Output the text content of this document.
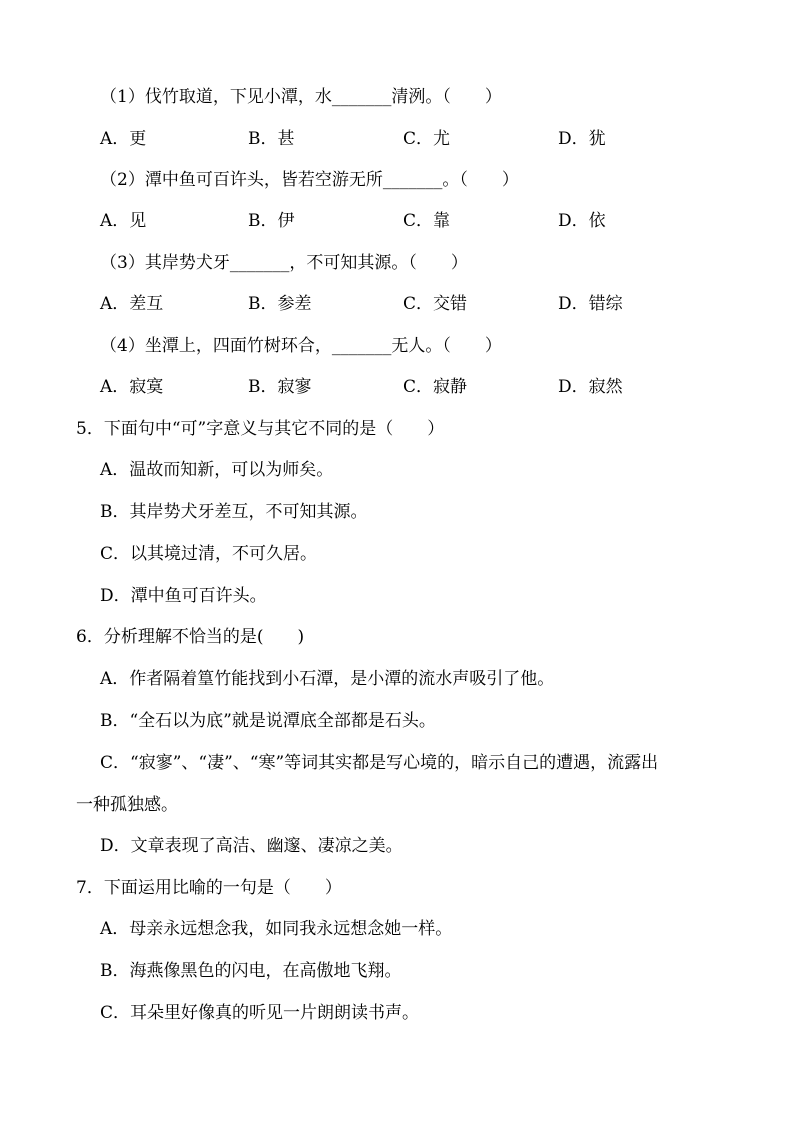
（1）伐竹取道，下见小潭，水_______清洌。（　　）
A．更	B．甚	C．尤	D．犹
（2）潭中鱼可百许头，皆若空游无所_______。（　　）
A．见	B．伊	C．靠	D．依
（3）其岸势犬牙_______，不可知其源。（　　）
A．差互	B．参差	C．交错	D．错综
（4）坐潭上，四面竹树环合，_______无人。（　　）
A．寂寞	B．寂寥	C．寂静	D．寂然
5．下面句中“可”字意义与其它不同的是（　　）
A．温故而知新，可以为师矣。
B．其岸势犬牙差互，不可知其源。
C．以其境过清，不可久居。
D．潭中鱼可百许头。
6．分析理解不恰当的是(　　)
A．作者隔着篁竹能找到小石潭，是小潭的流水声吸引了他。
B．“全石以为底”就是说潭底全部都是石头。
C．“寂寥”、“凄”、“寒”等词其实都是写心境的，暗示自己的遭遇，流露出
一种孤独感。
D．文章表现了高洁、幽邃、凄凉之美。
7．下面运用比喻的一句是（　　）
A．母亲永远想念我，如同我永远想念她一样。
B．海燕像黑色的闪电，在高傲地飞翔。
C．耳朵里好像真的听见一片朗朗读书声。
